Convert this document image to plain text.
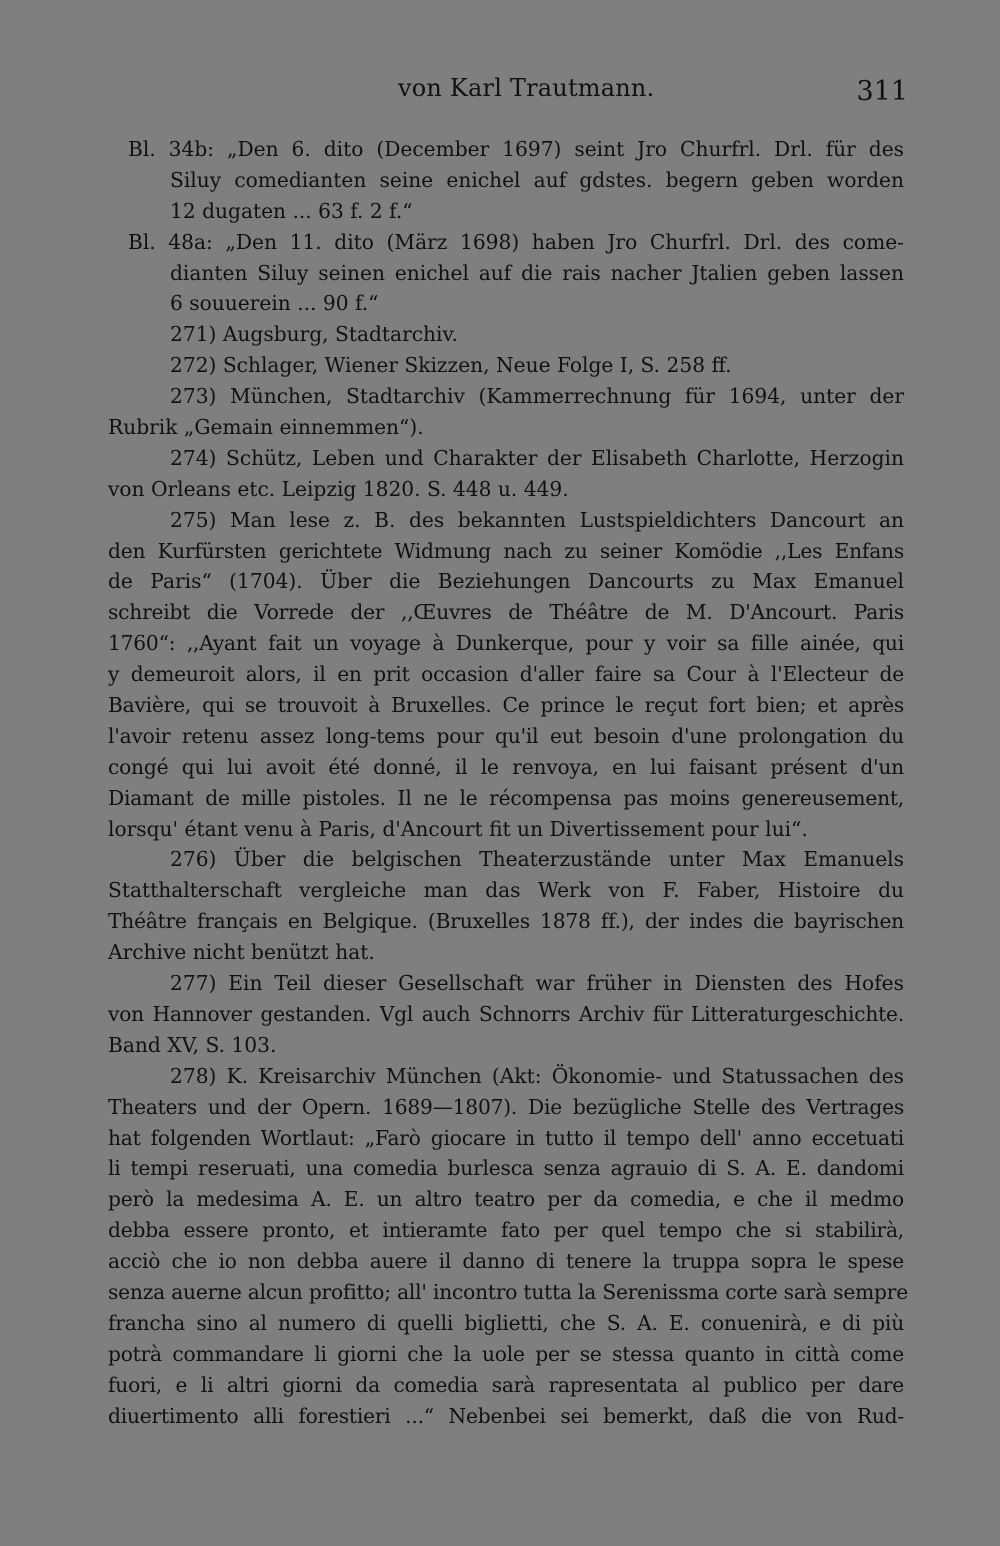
von Karl Trautmann.	311
Bl. 34b: „Den 6. dito (December 1697) seint Jro Churfrl. Drl. für des
Siluy comedianten seine enichel auf gdstes. begern geben worden
12 dugaten ... 63 f. 2 f.“
Bl. 48a: „Den 11. dito (März 1698) haben Jro Churfrl. Drl. des come-
dianten Siluy seinen enichel auf die rais nacher Jtalien geben lassen
6 souuerein ... 90 f.“
271) Augsburg, Stadtarchiv.
272) Schlager, Wiener Skizzen, Neue Folge I, S. 258 ff.
273) München, Stadtarchiv (Kammerrechnung für 1694, unter der
Rubrik „Gemain einnemmen“).
274) Schütz, Leben und Charakter der Elisabeth Charlotte, Herzogin
von Orleans etc. Leipzig 1820. S. 448 u. 449.
275) Man lese z. B. des bekannten Lustspieldichters Dancourt an
den Kurfürsten gerichtete Widmung nach zu seiner Komödie ,,Les Enfans
de Paris“ (1704). Über die Beziehungen Dancourts zu Max Emanuel
schreibt die Vorrede der ,,Œuvres de Théâtre de M. D'Ancourt. Paris
1760“: ,,Ayant fait un voyage à Dunkerque, pour y voir sa fille ainée, qui
y demeuroit alors, il en prit occasion d'aller faire sa Cour à l'Electeur de
Bavière, qui se trouvoit à Bruxelles. Ce prince le reçut fort bien; et après
l'avoir retenu assez long-tems pour qu'il eut besoin d'une prolongation du
congé qui lui avoit été donné, il le renvoya, en lui faisant présent d'un
Diamant de mille pistoles. Il ne le récompensa pas moins genereusement,
lorsqu' étant venu à Paris, d'Ancourt fit un Divertissement pour lui“.
276) Über die belgischen Theaterzustände unter Max Emanuels
Statthalterschaft vergleiche man das Werk von F. Faber, Histoire du
Théâtre français en Belgique. (Bruxelles 1878 ff.), der indes die bayrischen
Archive nicht benützt hat.
277) Ein Teil dieser Gesellschaft war früher in Diensten des Hofes
von Hannover gestanden. Vgl auch Schnorrs Archiv für Litteraturgeschichte.
Band XV, S. 103.
278) K. Kreisarchiv München (Akt: Ökonomie- und Statussachen des
Theaters und der Opern. 1689—1807). Die bezügliche Stelle des Vertrages
hat folgenden Wortlaut: „Farò giocare in tutto il tempo dell' anno eccetuati
li tempi reseruati, una comedia burlesca senza agrauio di S. A. E. dandomi
però la medesima A. E. un altro teatro per da comedia, e che il medmo
debba essere pronto, et intieramte fato per quel tempo che si stabilirà,
acciò che io non debba auere il danno di tenere la truppa sopra le spese
senza auerne alcun profitto; all' incontro tutta la Serenissma corte sarà sempre
francha sino al numero di quelli biglietti, che S. A. E. conuenirà, e di più
potrà commandare li giorni che la uole per se stessa quanto in città come
fuori, e li altri giorni da comedia sarà rapresentata al publico per dare
diuertimento alli forestieri ...“ Nebenbei sei bemerkt, daß die von Rud-
